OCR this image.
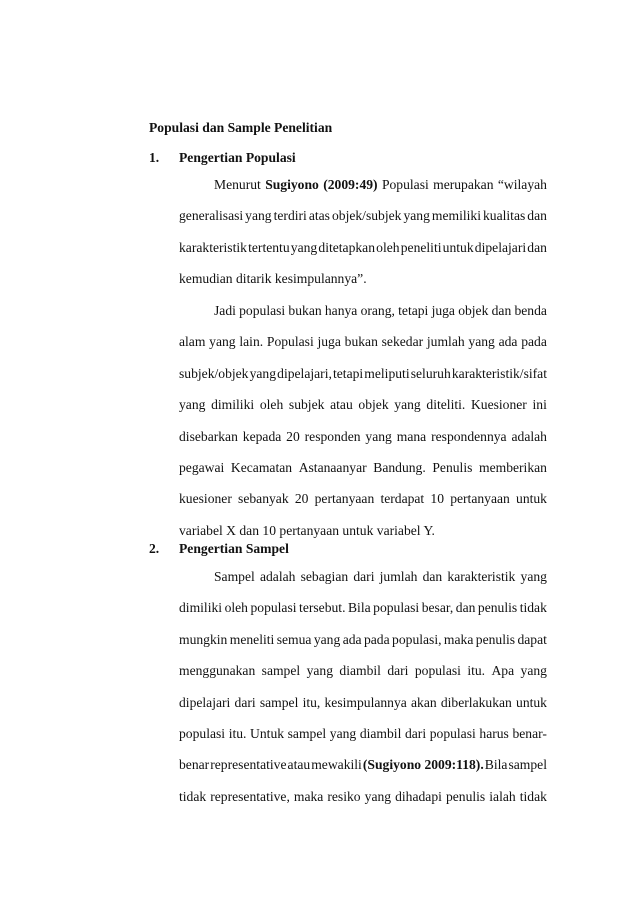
Populasi dan Sample Penelitian
1. Pengertian Populasi
Menurut Sugiyono (2009:49) Populasi merupakan “wilayah
generalisasi yang terdiri atas objek/subjek yang memiliki kualitas dan
karakteristik tertentu yang ditetapkan oleh peneliti untuk dipelajari dan
kemudian ditarik kesimpulannya”.
Jadi populasi bukan hanya orang, tetapi juga objek dan benda
alam yang lain. Populasi juga bukan sekedar jumlah yang ada pada
subjek/objek yang dipelajari, tetapi meliputi seluruh karakteristik/sifat
yang dimiliki oleh subjek atau objek yang diteliti. Kuesioner ini
disebarkan kepada 20 responden yang mana respondennya adalah
pegawai Kecamatan Astanaanyar Bandung. Penulis memberikan
kuesioner sebanyak 20 pertanyaan terdapat 10 pertanyaan untuk
variabel X dan 10 pertanyaan untuk variabel Y.
2. Pengertian Sampel
Sampel adalah sebagian dari jumlah dan karakteristik yang
dimiliki oleh populasi tersebut. Bila populasi besar, dan penulis tidak
mungkin meneliti semua yang ada pada populasi, maka penulis dapat
menggunakan sampel yang diambil dari populasi itu. Apa yang
dipelajari dari sampel itu, kesimpulannya akan diberlakukan untuk
populasi itu. Untuk sampel yang diambil dari populasi harus benar-
benar representative atau mewakili (Sugiyono 2009:118). Bila sampel
tidak representative, maka resiko yang dihadapi penulis ialah tidak
